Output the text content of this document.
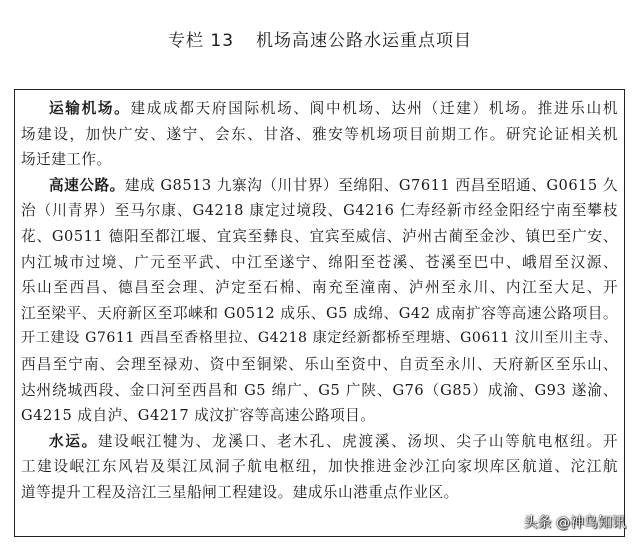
专栏 13 机场高速公路水运重点项目

运输机场。建成成都天府国际机场、阆中机场、达州（迁建）机场。推进乐山机
场建设，加快广安、遂宁、会东、甘洛、雅安等机场项目前期工作。研究论证相关机
场迁建工作。

高速公路。建成 G8513 九寨沟（川甘界）至绵阳、G7611 西昌至昭通、G0615 久
治（川青界）至马尔康、G4218 康定过境段、G4216 仁寿经新市经金阳经宁南至攀枝
花、G0511 德阳至都江堰、宜宾至彝良、宜宾至威信、泸州古蔺至金沙、镇巴至广安、
内江城市过境、广元至平武、中江至遂宁、绵阳至苍溪、苍溪至巴中、峨眉至汉源、
乐山至西昌、德昌至会理、泸定至石棉、南充至潼南、泸州至永川、内江至大足、开
江至梁平、天府新区至邛崃和 G0512 成乐、G5 成绵、G42 成南扩容等高速公路项目。
开工建设 G7611 西昌至香格里拉、G4218 康定经新都桥至理塘、G0611 汶川至川主寺、
西昌至宁南、会理至禄劝、资中至铜梁、乐山至资中、自贡至永川、天府新区至乐山、
达州绕城西段、金口河至西昌和 G5 绵广、G5 广陕、G76（G85）成渝、G93 遂渝、
G4215 成自泸、G4217 成汶扩容等高速公路项目。

水运。建设岷江犍为、龙溪口、老木孔、虎渡溪、汤坝、尖子山等航电枢纽。开
工建设岷江东风岩及渠江凤洞子航电枢纽，加快推进金沙江向家坝库区航道、沱江航
道等提升工程及涪江三星船闸工程建设。建成乐山港重点作业区。

头条 @神鸟知讯
